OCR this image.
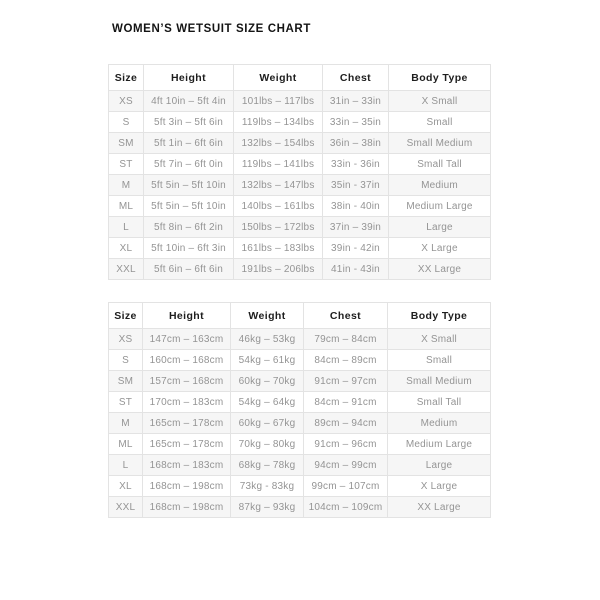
WOMEN’S WETSUIT SIZE CHART
Size	Height	Weight	Chest	Body Type
XS	4ft 10in – 5ft 4in	101lbs – 117lbs	31in – 33in	X Small
S	5ft 3in – 5ft 6in	119lbs – 134lbs	33in – 35in	Small
SM	5ft 1in – 6ft 6in	132lbs – 154lbs	36in – 38in	Small Medium
ST	5ft 7in – 6ft 0in	119lbs – 141lbs	33in - 36in	Small Tall
M	5ft 5in – 5ft 10in	132lbs – 147lbs	35in - 37in	Medium
ML	5ft 5in – 5ft 10in	140lbs – 161lbs	38in - 40in	Medium Large
L	5ft 8in – 6ft 2in	150lbs – 172lbs	37in – 39in	Large
XL	5ft 10in – 6ft 3in	161lbs – 183lbs	39in - 42in	X Large
XXL	5ft 6in – 6ft 6in	191lbs – 206lbs	41in - 43in	XX Large
Size	Height	Weight	Chest	Body Type
XS	147cm – 163cm	46kg – 53kg	79cm – 84cm	X Small
S	160cm – 168cm	54kg – 61kg	84cm – 89cm	Small
SM	157cm – 168cm	60kg – 70kg	91cm – 97cm	Small Medium
ST	170cm – 183cm	54kg – 64kg	84cm – 91cm	Small Tall
M	165cm – 178cm	60kg – 67kg	89cm – 94cm	Medium
ML	165cm – 178cm	70kg – 80kg	91cm – 96cm	Medium Large
L	168cm – 183cm	68kg – 78kg	94cm – 99cm	Large
XL	168cm – 198cm	73kg - 83kg	99cm – 107cm	X Large
XXL	168cm – 198cm	87kg – 93kg	104cm – 109cm	XX Large
